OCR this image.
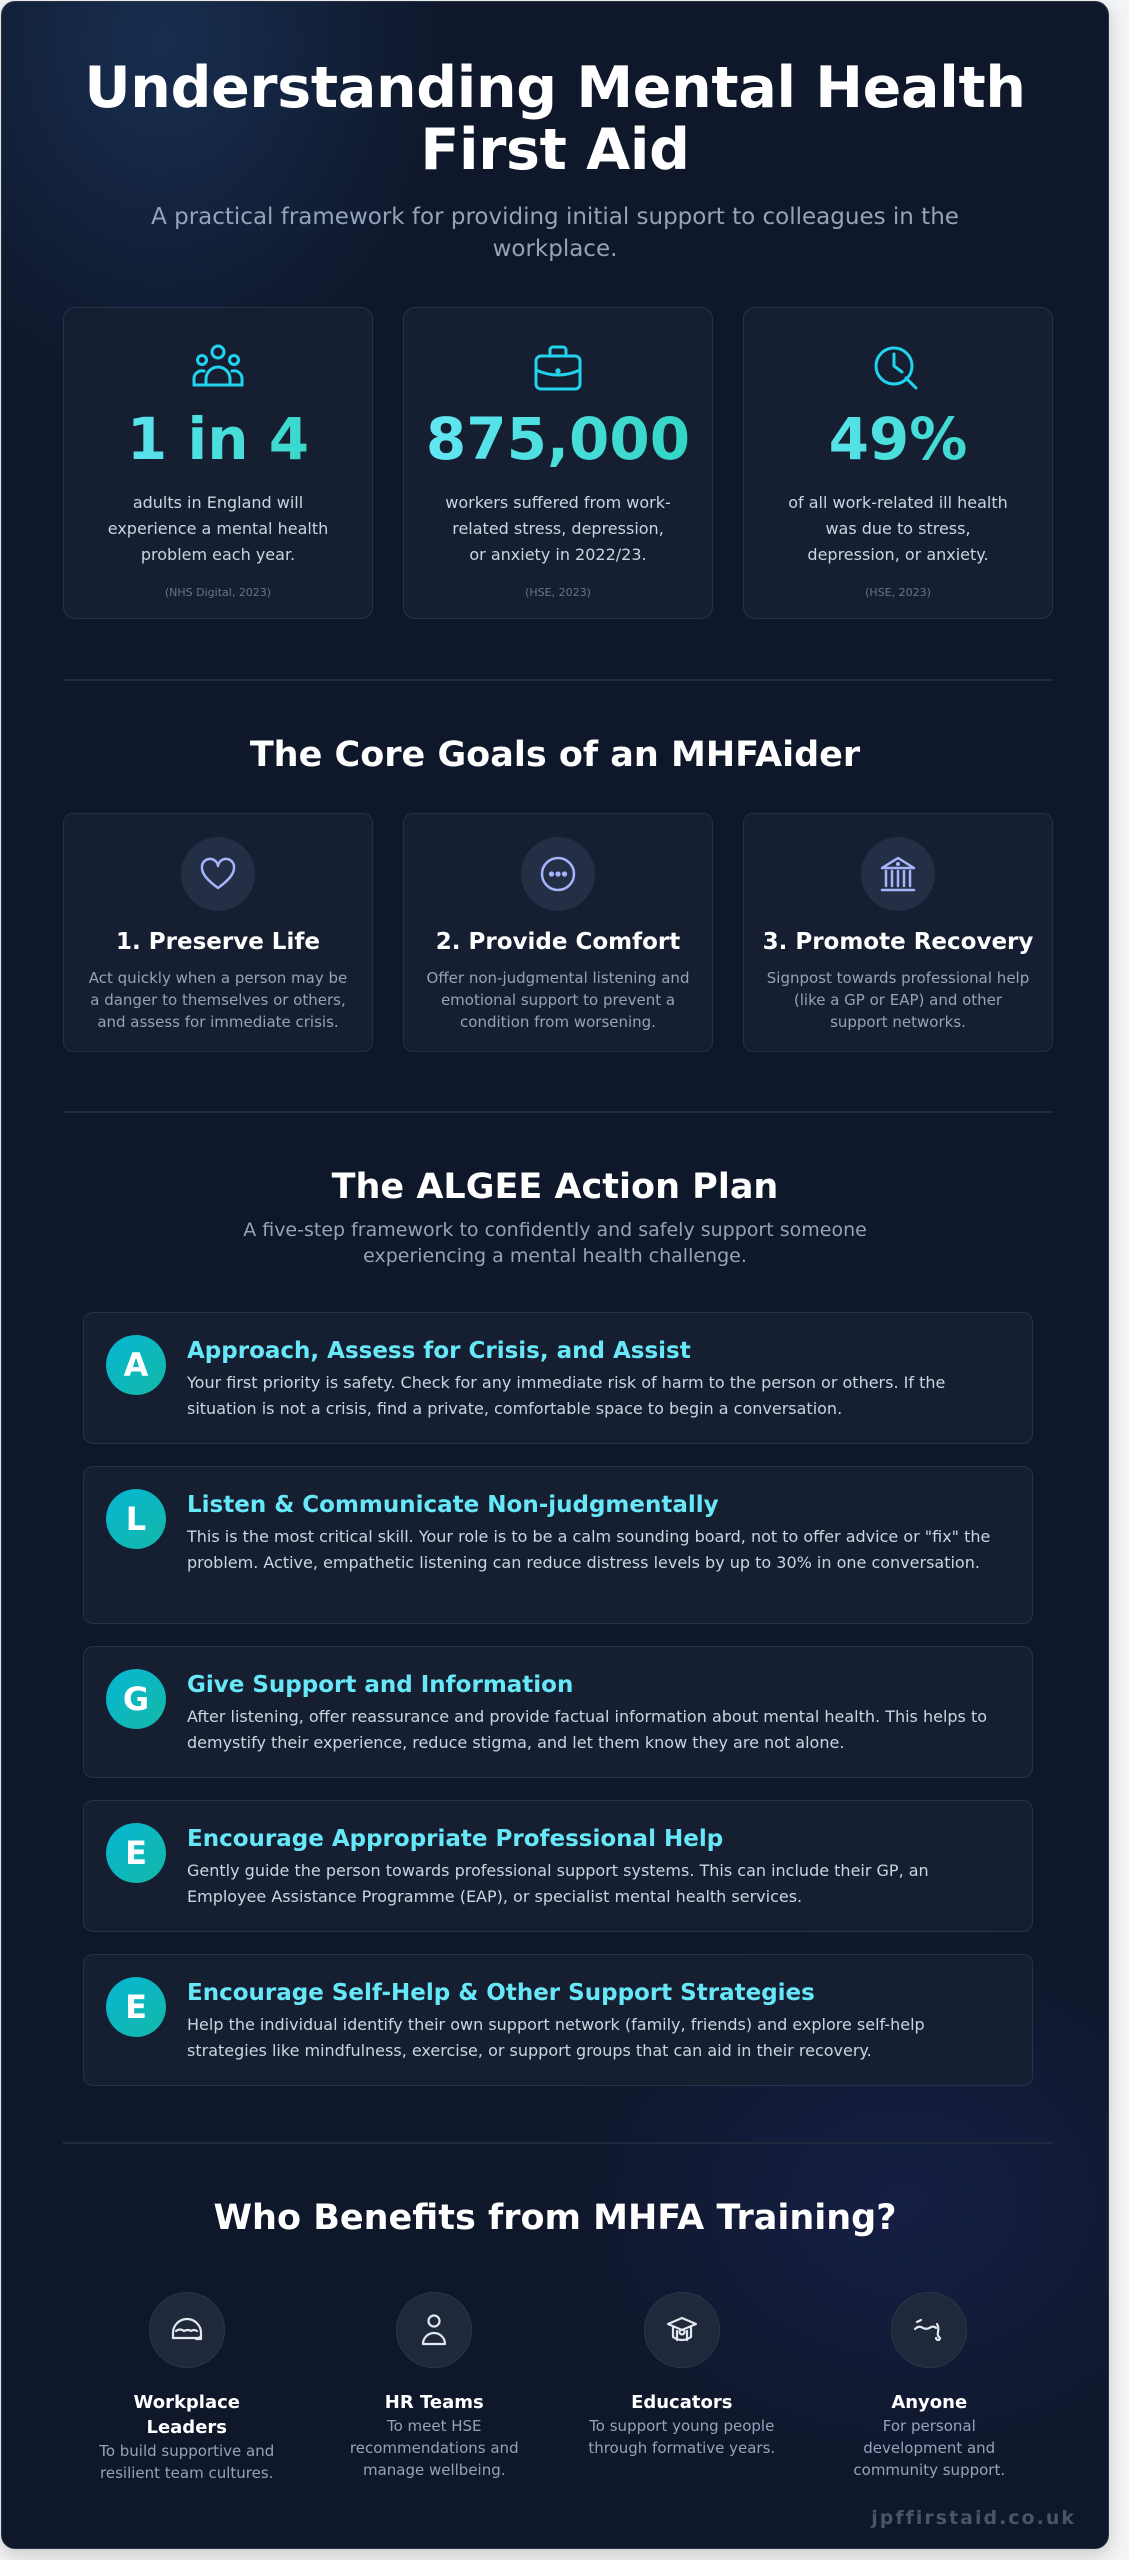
Understanding Mental Health First Aid

A practical framework for providing initial support to colleagues in the workplace.

1 in 4
adults in England will experience a mental health problem each year.
(NHS Digital, 2023)
875,000
workers suffered from work-related stress, depression, or anxiety in 2022/23.
(HSE, 2023)
49%
of all work-related ill health was due to stress, depression, or anxiety.
(HSE, 2023)
The Core Goals of an MHFAider
1. Preserve Life

Act quickly when a person may be a danger to themselves or others, and assess for immediate crisis.

2. Provide Comfort

Offer non-judgmental listening and emotional support to prevent a condition from worsening.

3. Promote Recovery

Signpost towards professional help (like a GP or EAP) and other support networks.

The ALGEE Action Plan
A five-step framework to confidently and safely support someone experiencing a mental health challenge.
A	Approach, Assess for Crisis, and Assist

Your first priority is safety. Check for any immediate risk of harm to the person or others. If the situation is not a crisis, find a private, comfortable space to begin a conversation.

L	Listen & Communicate Non-judgmentally

This is the most critical skill. Your role is to be a calm sounding board, not to offer advice or "fix" the problem. Active, empathetic listening can reduce distress levels by up to 30% in one conversation.

G	Give Support and Information

After listening, offer reassurance and provide factual information about mental health. This helps to demystify their experience, reduce stigma, and let them know they are not alone.

E	Encourage Appropriate Professional Help

Gently guide the person towards professional support systems. This can include their GP, an Employee Assistance Programme (EAP), or specialist mental health services.

E	Encourage Self-Help & Other Support Strategies

Help the individual identify their own support network (family, friends) and explore self-help strategies like mindfulness, exercise, or support groups that can aid in their recovery.

Who Benefits from MHFA Training?
Workplace Leaders

To build supportive and resilient team cultures.

HR Teams

To meet HSE recommendations and manage wellbeing.

Educators

To support young people through formative years.

Anyone

For personal development and community support.

jpffirstaid.co.uk
